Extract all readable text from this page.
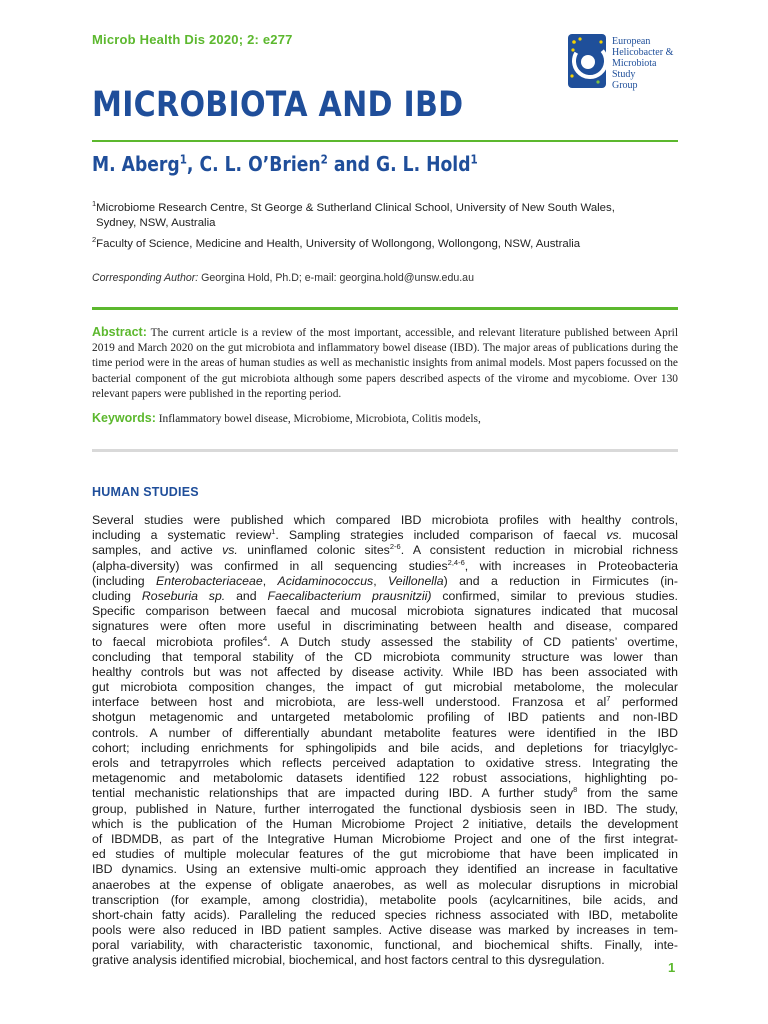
Microb Health Dis 2020; 2: e277	European
Helicobacter &
Microbiota
Study
Group
MICROBIOTA AND IBD
M. Aberg$^1$, C. L. O’Brien$^2$ and G. L. Hold$^1$
$^1$Microbiome Research Centre, St George & Sutherland Clinical School, University of New South Wales,
Sydney, NSW, Australia
$^2$Faculty of Science, Medicine and Health, University of Wollongong, Wollongong, NSW, Australia
Corresponding Author: Georgina Hold, Ph.D; e-mail: georgina.hold@unsw.edu.au

Abstract: The current article is a review of the most important, accessible, and relevant literature published between April 2019 and March 2020 on the gut microbiota and inflammatory bowel disease (IBD). The major areas of publications during the time period were in the areas of human studies as well as mechanistic insights from animal models. Most papers focussed on the bacterial component of the gut microbiota although some papers described aspects of the virome and mycobiome. Over 130 relevant papers were published in the reporting period.

Keywords: Inflammatory bowel disease, Microbiome, Microbiota, Colitis models,

HUMAN STUDIES
Several studies were published which compared IBD microbiota profiles with healthy controls,
including a systematic review$^1$. Sampling strategies included comparison of faecal vs. mucosal
samples, and active vs. uninflamed colonic sites$^{2-6}$. A consistent reduction in microbial richness
(alpha-diversity) was confirmed in all sequencing studies$^{2,4-6}$, with increases in Proteobacteria
(including Enterobacteriaceae, Acidaminococcus, Veillonella) and a reduction in Firmicutes (in-
cluding Roseburia sp. and Faecalibacterium prausnitzii) confirmed, similar to previous studies.
Specific comparison between faecal and mucosal microbiota signatures indicated that mucosal
signatures were often more useful in discriminating between health and disease, compared
to faecal microbiota profiles$^4$. A Dutch study assessed the stability of CD patients’ overtime,
concluding that temporal stability of the CD microbiota community structure was lower than
healthy controls but was not affected by disease activity. While IBD has been associated with
gut microbiota composition changes, the impact of gut microbial metabolome, the molecular
interface between host and microbiota, are less-well understood. Franzosa et $al^7$ performed
shotgun metagenomic and untargeted metabolomic profiling of IBD patients and non-IBD
controls. A number of differentially abundant metabolite features were identified in the IBD
cohort; including enrichments for sphingolipids and bile acids, and depletions for triacylglyc-
erols and tetrapyrroles which reflects perceived adaptation to oxidative stress. Integrating the
metagenomic and metabolomic datasets identified 122 robust associations, highlighting po-
tential mechanistic relationships that are impacted during IBD. A further study$^8$ from the same
group, published in Nature, further interrogated the functional dysbiosis seen in IBD. The study,
which is the publication of the Human Microbiome Project 2 initiative, details the development
of IBDMDB, as part of the Integrative Human Microbiome Project and one of the first integrat-
ed studies of multiple molecular features of the gut microbiome that have been implicated in
IBD dynamics. Using an extensive multi-omic approach they identified an increase in facultative
anaerobes at the expense of obligate anaerobes, as well as molecular disruptions in microbial
transcription (for example, among clostridia), metabolite pools (acylcarnitines, bile acids, and
short-chain fatty acids). Paralleling the reduced species richness associated with IBD, metabolite
pools were also reduced in IBD patient samples. Active disease was marked by increases in tem-
poral variability, with characteristic taxonomic, functional, and biochemical shifts. Finally, inte-
grative analysis identified microbial, biochemical, and host factors central to this dysregulation.	1
